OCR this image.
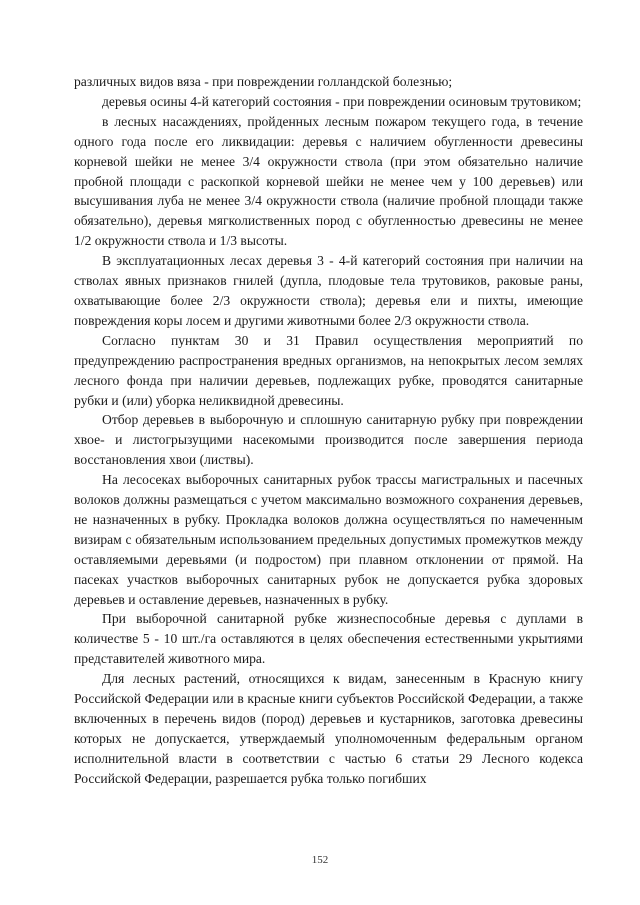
различных видов вяза - при повреждении голландской болезнью;

деревья осины 4-й категорий состояния - при повреждении осиновым трутовиком;

в лесных насаждениях, пройденных лесным пожаром текущего года, в течение одного года после его ликвидации: деревья с наличием обугленности древесины корневой шейки не менее 3/4 окружности ствола (при этом обязательно наличие пробной площади с раскопкой корневой шейки не менее чем у 100 деревьев) или высушивания луба не менее 3/4 окружности ствола (наличие пробной площади также обязательно), деревья мягколиственных пород с обугленностью древесины не менее 1/2 окружности ствола и 1/3 высоты.

В эксплуатационных лесах деревья 3 - 4-й категорий состояния при наличии на стволах явных признаков гнилей (дупла, плодовые тела трутовиков, раковые раны, охватывающие более 2/3 окружности ствола); деревья ели и пихты, имеющие повреждения коры лосем и другими животными более 2/3 окружности ствола.

Согласно пунктам 30 и 31 Правил осуществления мероприятий по предупреждению распространения вредных организмов, на непокрытых лесом землях лесного фонда при наличии деревьев, подлежащих рубке, проводятся санитарные рубки и (или) уборка неликвидной древесины.

Отбор деревьев в выборочную и сплошную санитарную рубку при повреждении хвое- и листогрызущими насекомыми производится после завершения периода восстановления хвои (листвы).

На лесосеках выборочных санитарных рубок трассы магистральных и пасечных волоков должны размещаться с учетом максимально возможного сохранения деревьев, не назначенных в рубку. Прокладка волоков должна осуществляться по намеченным визирам с обязательным использованием предельных допустимых промежутков между оставляемыми деревьями (и подростом) при плавном отклонении от прямой. На пасеках участков выборочных санитарных рубок не допускается рубка здоровых деревьев и оставление деревьев, назначенных в рубку.

При выборочной санитарной рубке жизнеспособные деревья с дуплами в количестве 5 - 10 шт./га оставляются в целях обеспечения естественными укрытиями представителей животного мира.

Для лесных растений, относящихся к видам, занесенным в Красную книгу Российской Федерации или в красные книги субъектов Российской Федерации, а также включенных в перечень видов (пород) деревьев и кустарников, заготовка древесины которых не допускается, утверждаемый уполномоченным федеральным органом исполнительной власти в соответствии с частью 6 статьи 29 Лесного кодекса Российской Федерации, разрешается рубка только погибших

152
